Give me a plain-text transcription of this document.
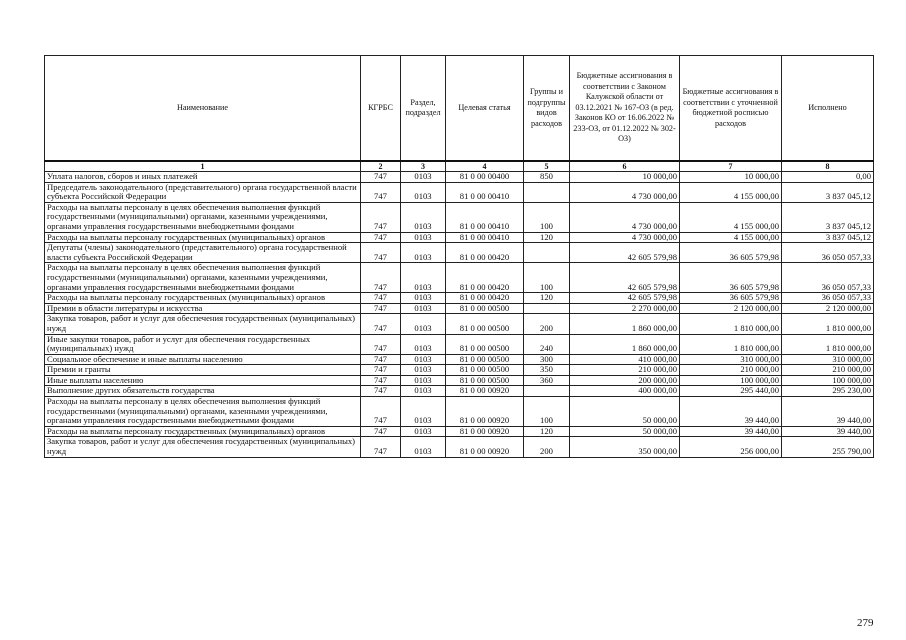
Наименование	КГРБС	Раздел, подраздел	Целевая статья	Группы и подгруппы видов расходов	Бюджетные ассигнования в соответствии с Законом Калужской области от 03.12.2021 № 167-ОЗ (в ред. Законов КО от 16.06.2022 № 233-ОЗ, от 01.12.2022 № 302-ОЗ)	Бюджетные ассигнования в соответствии с уточненной бюджетной росписью расходов	Исполнено
1	2	3	4	5	6	7	8
Уплата налогов, сборов и иных платежей	747	0103	81 0 00 00400	850	10 000,00	10 000,00	0,00
Председатель законодательного (представительного) органа государственной власти субъекта Российской Федерации	747	0103	81 0 00 00410		4 730 000,00	4 155 000,00	3 837 045,12
Расходы на выплаты персоналу в целях обеспечения выполнения функций государственными (муниципальными) органами, казенными учреждениями, органами управления государственными внебюджетными фондами	747	0103	81 0 00 00410	100	4 730 000,00	4 155 000,00	3 837 045,12
Расходы на выплаты персоналу государственных (муниципальных) органов	747	0103	81 0 00 00410	120	4 730 000,00	4 155 000,00	3 837 045,12
Депутаты (члены) законодательного (представительного) органа государственной власти субъекта Российской Федерации	747	0103	81 0 00 00420		42 605 579,98	36 605 579,98	36 050 057,33
Расходы на выплаты персоналу в целях обеспечения выполнения функций государственными (муниципальными) органами, казенными учреждениями, органами управления государственными внебюджетными фондами	747	0103	81 0 00 00420	100	42 605 579,98	36 605 579,98	36 050 057,33
Расходы на выплаты персоналу государственных (муниципальных) органов	747	0103	81 0 00 00420	120	42 605 579,98	36 605 579,98	36 050 057,33
Премии в области литературы и искусства	747	0103	81 0 00 00500		2 270 000,00	2 120 000,00	2 120 000,00
Закупка товаров, работ и услуг для обеспечения государственных (муниципальных) нужд	747	0103	81 0 00 00500	200	1 860 000,00	1 810 000,00	1 810 000,00
Иные закупки товаров, работ и услуг для обеспечения государственных (муниципальных) нужд	747	0103	81 0 00 00500	240	1 860 000,00	1 810 000,00	1 810 000,00
Социальное обеспечение и иные выплаты населению	747	0103	81 0 00 00500	300	410 000,00	310 000,00	310 000,00
Премии и гранты	747	0103	81 0 00 00500	350	210 000,00	210 000,00	210 000,00
Иные выплаты населению	747	0103	81 0 00 00500	360	200 000,00	100 000,00	100 000,00
Выполнение других обязательств государства	747	0103	81 0 00 00920		400 000,00	295 440,00	295 230,00
Расходы на выплаты персоналу в целях обеспечения выполнения функций государственными (муниципальными) органами, казенными учреждениями, органами управления государственными внебюджетными фондами	747	0103	81 0 00 00920	100	50 000,00	39 440,00	39 440,00
Расходы на выплаты персоналу государственных (муниципальных) органов	747	0103	81 0 00 00920	120	50 000,00	39 440,00	39 440,00
Закупка товаров, работ и услуг для обеспечения государственных (муниципальных) нужд	747	0103	81 0 00 00920	200	350 000,00	256 000,00	255 790,00
279
